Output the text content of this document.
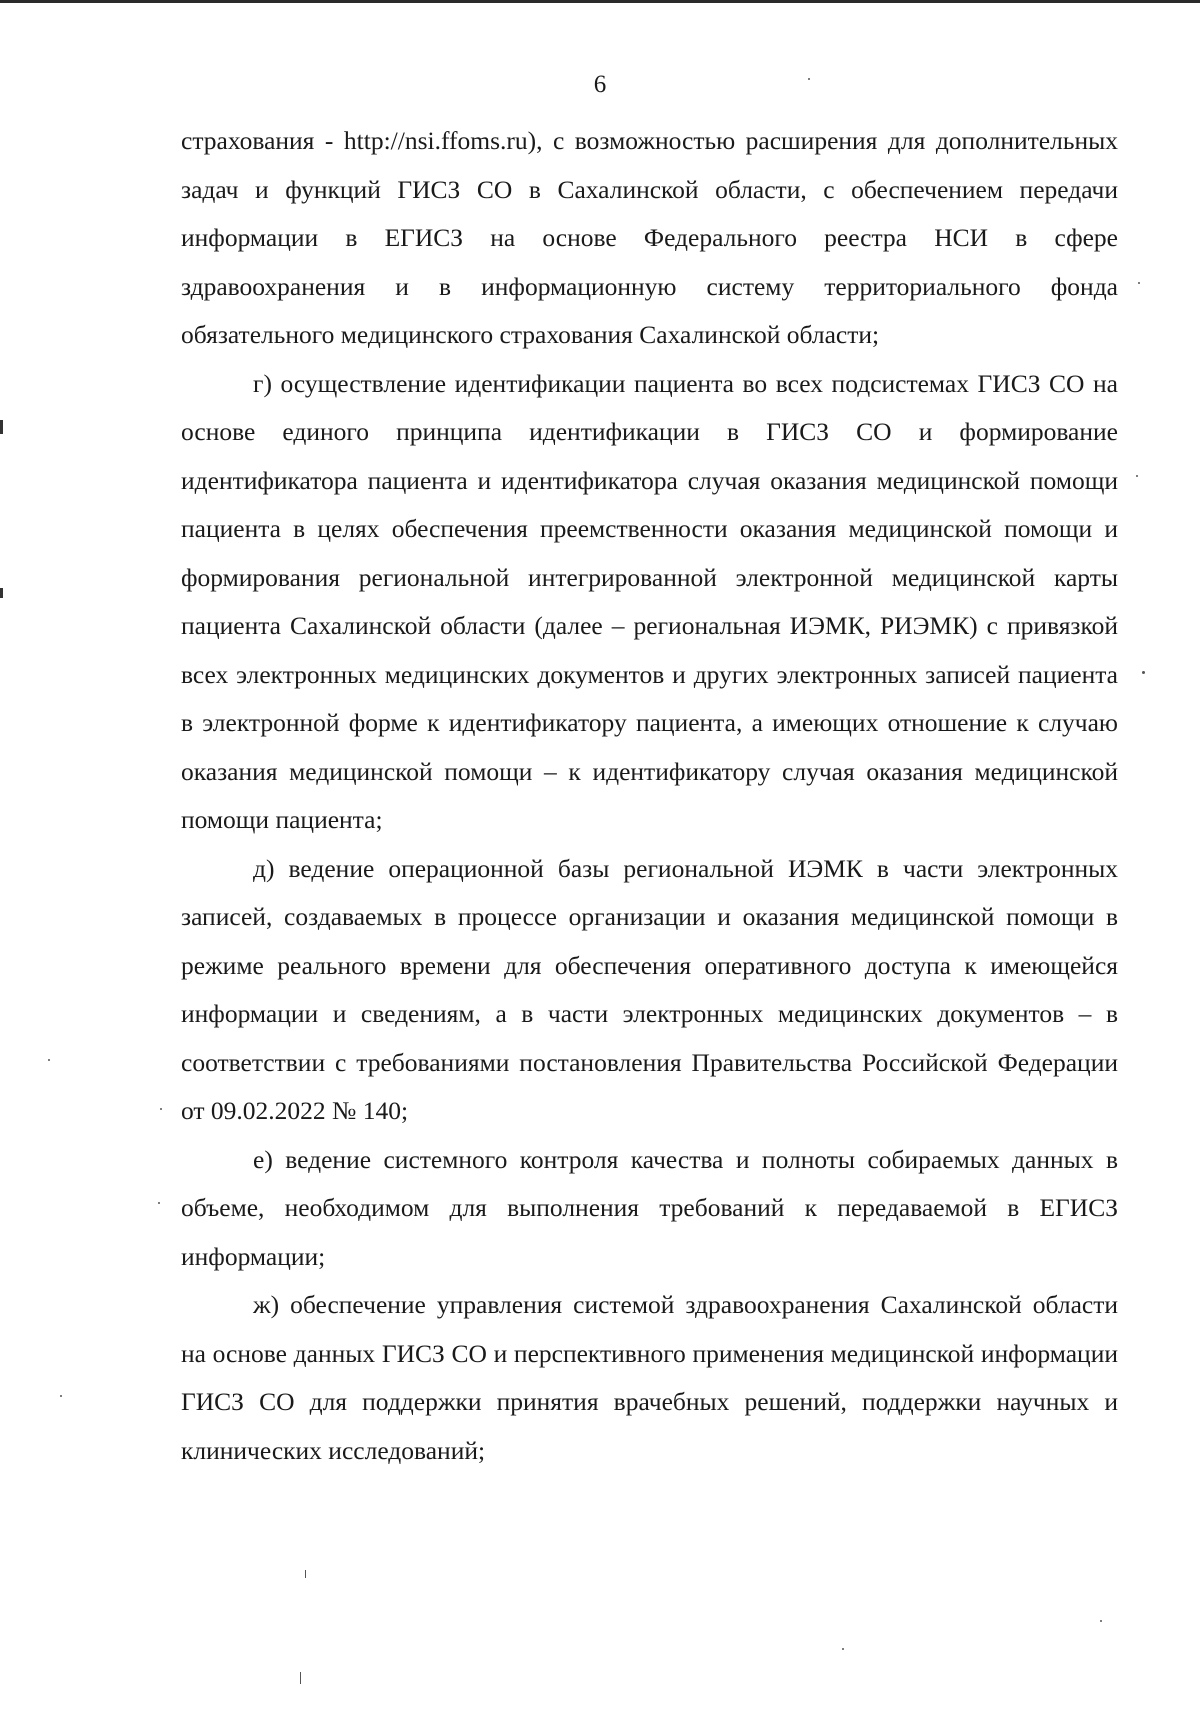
6

страхования - http://nsi.ffoms.ru), с возможностью расширения для дополнительных задач и функций ГИСЗ СО в Сахалинской области, с обеспечением передачи информации в ЕГИСЗ на основе Федерального реестра НСИ в сфере здравоохранения и в информационную систему территориального фонда обязательного медицинского страхования Сахалинской области;

г) осуществление идентификации пациента во всех подсистемах ГИСЗ СО на основе единого принципа идентификации в ГИСЗ СО и формирование идентификатора пациента и идентификатора случая оказания медицинской помощи пациента в целях обеспечения преемственности оказания медицинской помощи и формирования региональной интегрированной электронной медицинской карты пациента Сахалинской области (далее – региональная ИЭМК, РИЭМК) с привязкой всех электронных медицинских документов и других электронных записей пациента в электронной форме к идентификатору пациента, а имеющих отношение к случаю оказания медицинской помощи – к идентификатору случая оказания медицинской помощи пациента;

д) ведение операционной базы региональной ИЭМК в части электронных записей, создаваемых в процессе организации и оказания медицинской помощи в режиме реального времени для обеспечения оперативного доступа к имеющейся информации и сведениям, а в части электронных медицинских документов – в соответствии с требованиями постановления Правительства Российской Федерации от 09.02.2022 № 140;

е) ведение системного контроля качества и полноты собираемых данных в объеме, необходимом для выполнения требований к передаваемой в ЕГИСЗ информации;

ж) обеспечение управления системой здравоохранения Сахалинской области на основе данных ГИСЗ СО и перспективного применения медицинской информации ГИСЗ СО для поддержки принятия врачебных решений, поддержки научных и клинических исследований;
